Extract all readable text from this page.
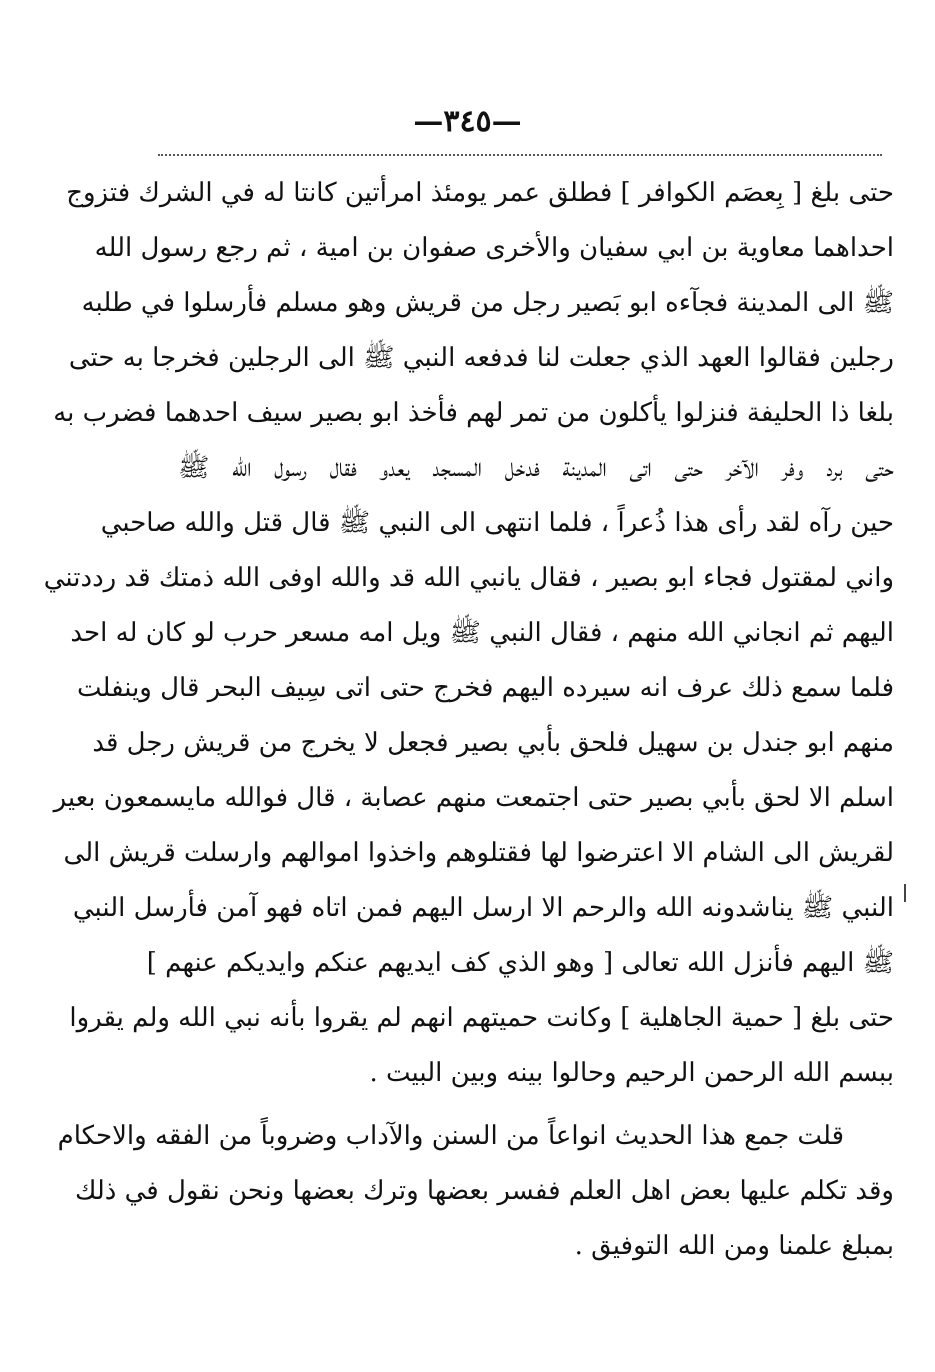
—٣٤٥—
حتى بلغ [ بِعصَم الكوافر ] فطلق عمر يومئذ امرأتين كانتا له في الشرك فتزوج
احداهما معاوية بن ابي سفيان والأخرى صفوان بن امية ، ثم رجع رسول الله
ﷺ الى المدينة فجآءه ابو بَصير رجل من قريش وهو مسلم فأرسلوا في طلبه
رجلين فقالوا العهد الذي جعلت لنا فدفعه النبي ﷺ الى الرجلين فخرجا به حتى
بلغا ذا الحليفة فنزلوا يأكلون من تمر لهم فأخذ ابو بصير سيف احدهما فضرب به
حتى برد وفر الآخر حتى اتى المدينة فدخل المسجد يعدو فقال رسول الله ﷺ
حين رآه لقد رأى هذا ذُعراً ، فلما انتهى الى النبي ﷺ قال قتل والله صاحبي
واني لمقتول فجاء ابو بصير ، فقال يانبي الله قد والله اوفى الله ذمتك قد رددتني
اليهم ثم انجاني الله منهم ، فقال النبي ﷺ ويل امه مسعر حرب لو كان له احد
فلما سمع ذلك عرف انه سيرده اليهم فخرج حتى اتى سِيف البحر قال وينفلت
منهم ابو جندل بن سهيل فلحق بأبي بصير فجعل لا يخرج من قريش رجل قد
اسلم الا لحق بأبي بصير حتى اجتمعت منهم عصابة ، قال فوالله مايسمعون بعير
لقريش الى الشام الا اعترضوا لها فقتلوهم واخذوا اموالهم وارسلت قريش الى
النبي ﷺ يناشدونه الله والرحم الا ارسل اليهم فمن اتاه فهو آمن فأرسل النبي
ﷺ اليهم فأنزل الله تعالى [ وهو الذي كف ايديهم عنكم وايديكم عنهم ]
حتى بلغ [ حمية الجاهلية ] وكانت حميتهم انهم لم يقروا بأنه نبي الله ولم يقروا
ببسم الله الرحمن الرحيم وحالوا بينه وبين البيت .
قلت جمع هذا الحديث انواعاً من السنن والآداب وضروباً من الفقه والاحكام
وقد تكلم عليها بعض اهل العلم ففسر بعضها وترك بعضها ونحن نقول في ذلك
بمبلغ علمنا ومن الله التوفيق .
